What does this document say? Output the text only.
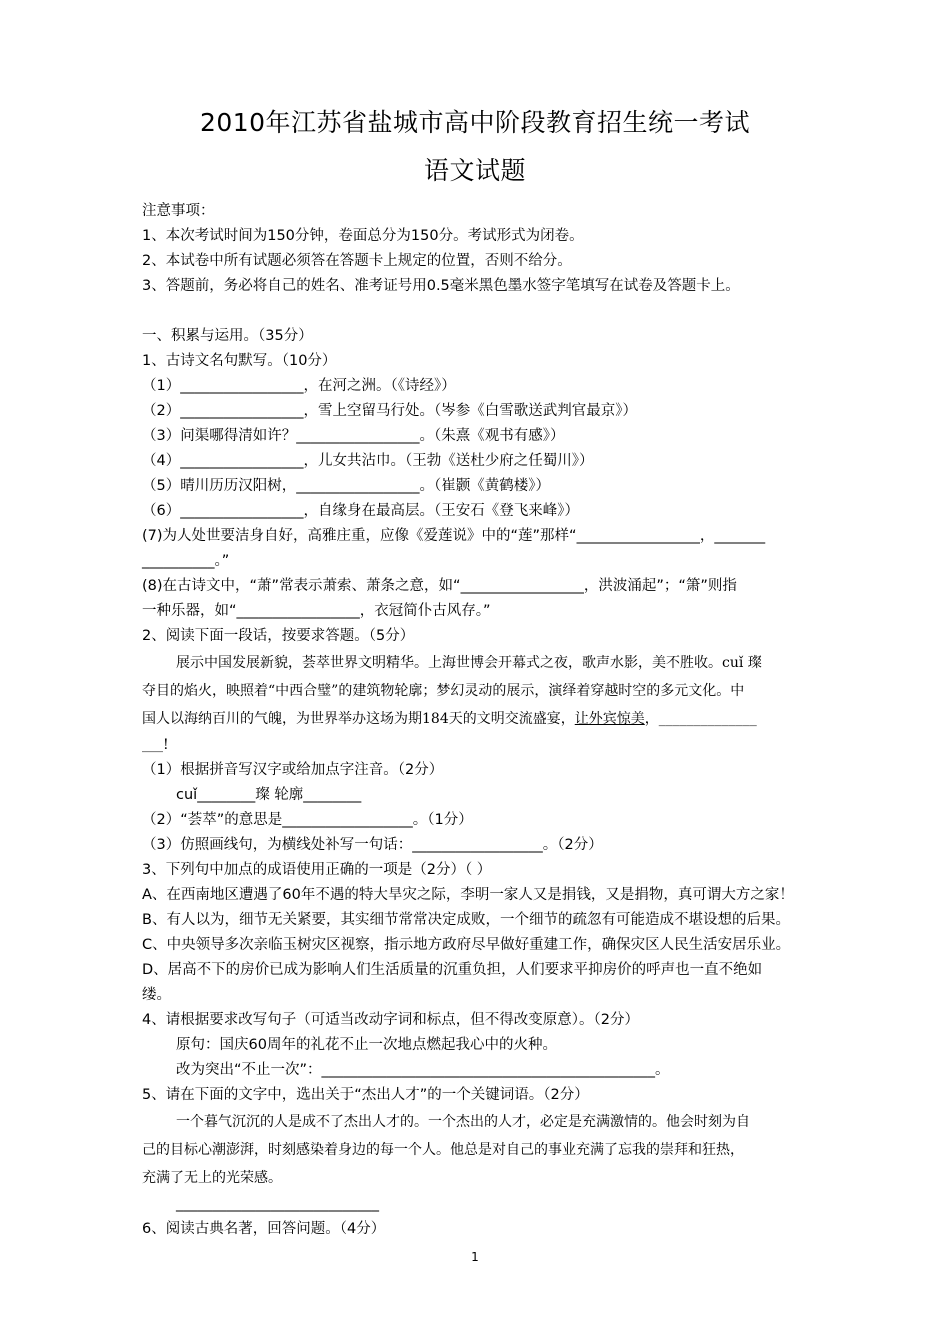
2010年江苏省盐城市高中阶段教育招生统一考试
语文试题
注意事项：
1、本次考试时间为150分钟，卷面总分为150分。考试形式为闭卷。
2、本试卷中所有试题必须答在答题卡上规定的位置，否则不给分。
3、答题前，务必将自己的姓名、准考证号用0.5毫米黑色墨水签字笔填写在试卷及答题卡上。
一、积累与运用。（35分）
1、古诗文名句默写。（10分）
（1）_________________，在河之洲。（《诗经》）
（2）_________________，雪上空留马行处。（岑参《白雪歌送武判官最京》）
（3）问渠哪得清如许？_________________。（朱熹《观书有感》）
（4）_________________，儿女共沾巾。（王勃《送杜少府之任蜀川》）
（5）晴川历历汉阳树，_________________。（崔颢《黄鹤楼》）
（6）_________________，自缘身在最高层。（王安石《登飞来峰》）
(7)为人处世要洁身自好，高雅庄重，应像《爱莲说》中的“莲”那样“_________________，_______
__________。”
(8)在古诗文中，“萧”常表示萧索、萧条之意，如“_________________，洪波涌起”；“箫”则指
一种乐器，如“_________________，衣冠简仆古风存。”
2、阅读下面一段话，按要求答题。（5分）
展示中国发展新貌，荟萃世界文明精华。上海世博会开幕式之夜，歌声水影，美不胜收。cuǐ 璨
夺目的焰火，映照着“中西合璧”的建筑物轮廓；梦幻灵动的展示，演绎着穿越时空的多元文化。中
国人以海纳百川的气魄，为世界举办这场为期184天的文明交流盛宴，让外宾惊美，______________
___!
（1）根据拼音写汉字或给加点字注音。（2分）
cuǐ________璨 轮廓________
（2）“荟萃”的意思是__________________。（1分）
（3）仿照画线句，为横线处补写一句话：__________________。（2分）
3、下列句中加点的成语使用正确的一项是（2分）（ ）
A、在西南地区遭遇了60年不遇的特大旱灾之际，李明一家人又是捐钱，又是捐物，真可谓大方之家！
B、有人以为，细节无关紧要，其实细节常常决定成败，一个细节的疏忽有可能造成不堪设想的后果。
C、中央领导多次亲临玉树灾区视察，指示地方政府尽早做好重建工作，确保灾区人民生活安居乐业。
D、居高不下的房价已成为影响人们生活质量的沉重负担，人们要求平抑房价的呼声也一直不绝如
缕。
4、请根据要求改写句子（可适当改动字词和标点，但不得改变原意）。（2分）
原句：国庆60周年的礼花不止一次地点燃起我心中的火种。
改为突出“不止一次”：______________________________________________。
5、请在下面的文字中，选出关于“杰出人才”的一个关键词语。（2分）
一个暮气沉沉的人是成不了杰出人才的。一个杰出的人才，必定是充满激情的。他会时刻为自
己的目标心潮澎湃，时刻感染着身边的每一个人。他总是对自己的事业充满了忘我的崇拜和狂热，
充满了无上的光荣感。
____________________________
6、阅读古典名著，回答问题。（4分）
1
